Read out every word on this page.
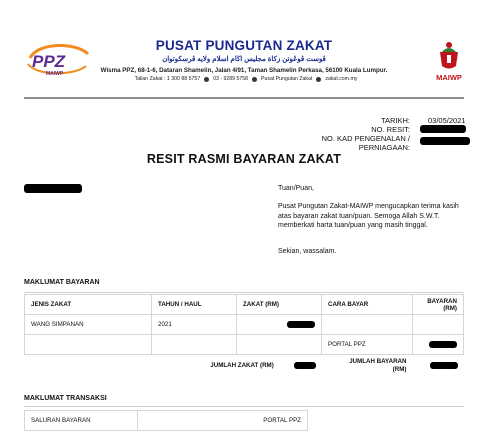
PPZ
MAIWP
PUSAT PUNGUTAN ZAKAT
ڤوست ڤوڠوتن زکاة مجليس اڬام اسلام ولايه ڤرسکوتوان
Wisma PPZ, 68-1-6, Dataran Shamelin, Jalan 4/91, Taman Shamelin Perkasa, 56100 Kuala Lumpur.
Talian Zakat : 1 300 88 5757	03 - 9289 5758	Pusat Pungutan Zakat	zakat.com.my	MAIWP
TARIKH: 03/05/2021
NO. RESIT:
NO. KAD PENGENALAN /
PERNIAGAAN:
RESIT RASMI BAYARAN ZAKAT
Tuan/Puan,
Pusat Pungutan Zakat-MAIWP mengucapkan terima kasih atas bayaran zakat tuan/puan. Semoga Allah S.W.T. memberkati harta tuan/puan yang masih tinggal.
Sekian, wassalam.
MAKLUMAT BAYARAN
JENIS ZAKAT	TAHUN / HAUL	ZAKAT (RM)	CARA BAYAR	BAYARAN (RM)
WANG SIMPANAN	2021	

			PORTAL PPZ	

	JUMLAH ZAKAT (RM)		JUMLAH BAYARAN
(RM)	

MAKLUMAT TRANSAKSI
SALURAN BAYARAN	PORTAL PPZ
